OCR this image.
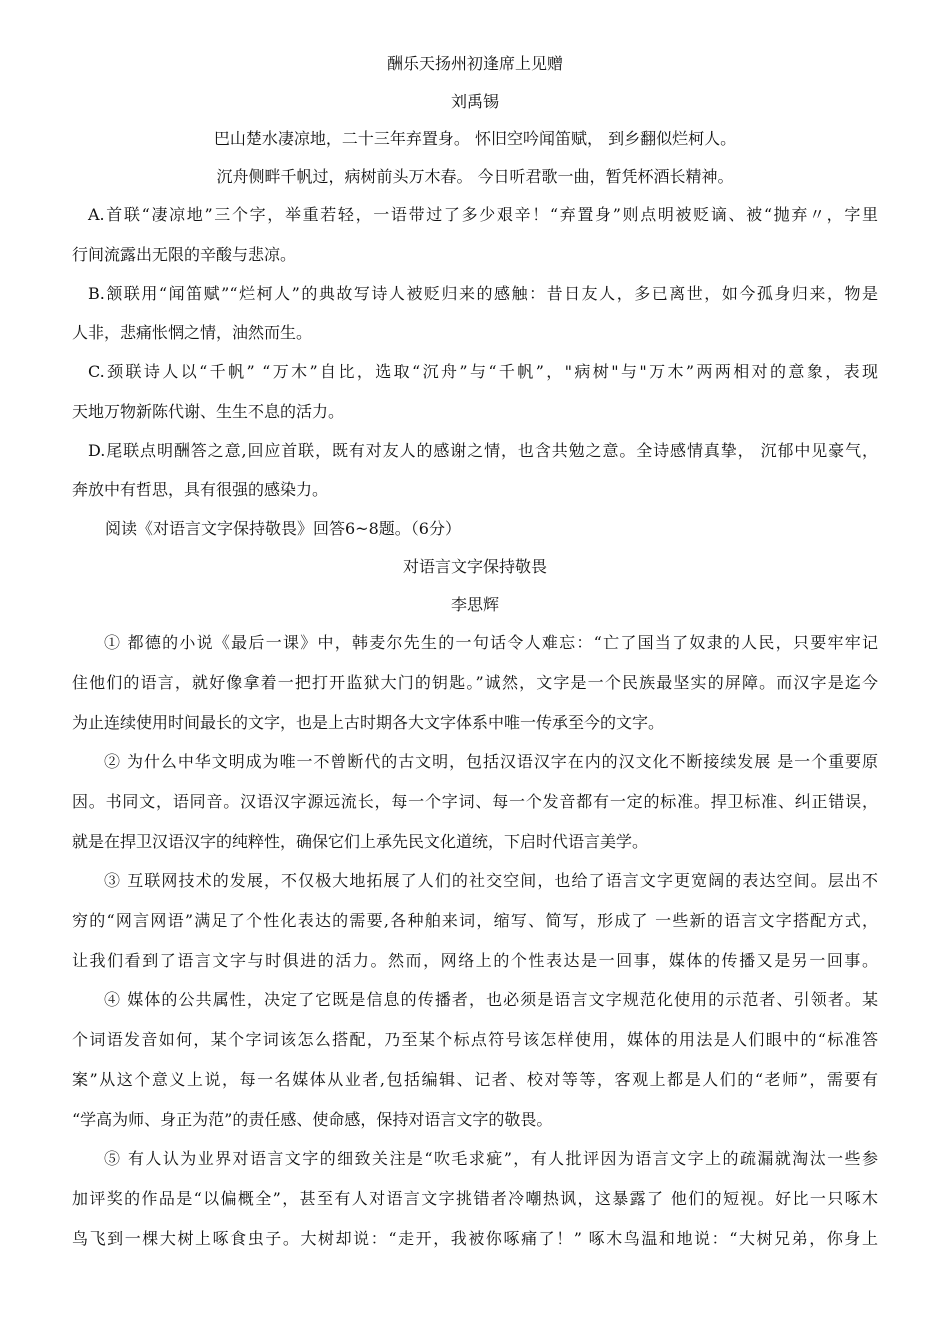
酬乐天扬州初逢席上见赠
刘禹锡
巴山楚水凄凉地，二十三年弃置身。 怀旧空吟闻笛赋， 到乡翻似烂柯人。
沉舟侧畔千帆过，病树前头万木春。 今日听君歌一曲，暂凭杯酒长精神。
A.首联“凄凉地”三个字，举重若轻，一语带过了多少艰辛！“弃置身”则点明被贬谪、被“抛弃〃，字里
行间流露出无限的辛酸与悲凉。
B.颔联用“闻笛赋”“烂柯人”的典故写诗人被贬归来的感触：昔日友人，多已离世，如今孤身归来，物是
人非，悲痛怅惘之情，油然而生。
C.颈联诗人以“千帆” “万木”自比，选取“沉舟”与“千帆”，"病树"与"万木”两两相对的意象，表现
天地万物新陈代谢、生生不息的活力。
D.尾联点明酬答之意,回应首联，既有对友人的感谢之情，也含共勉之意。全诗感情真挚， 沉郁中见豪气，
奔放中有哲思，具有很强的感染力。
阅读《对语言文字保持敬畏》回答6~8题。（6分）
对语言文字保持敬畏
李思辉
① 都德的小说《最后一课》中，韩麦尔先生的一句话令人难忘：“亡了国当了奴隶的人民，只要牢牢记
住他们的语言，就好像拿着一把打开监狱大门的钥匙。”诚然，文字是一个民族最坚实的屏障。而汉字是迄今
为止连续使用时间最长的文字，也是上古时期各大文字体系中唯一传承至今的文字。
② 为什么中华文明成为唯一不曾断代的古文明，包括汉语汉字在内的汉文化不断接续发展 是一个重要原
因。书同文，语同音。汉语汉字源远流长，每一个字词、每一个发音都有一定的标准。捍卫标准、纠正错误，
就是在捍卫汉语汉字的纯粹性，确保它们上承先民文化道统，下启时代语言美学。
③ 互联网技术的发展，不仅极大地拓展了人们的社交空间，也给了语言文字更宽阔的表达空间。层出不
穷的“网言网语”满足了个性化表达的需要,各种舶来词，缩写、简写，形成了 一些新的语言文字搭配方式，
让我们看到了语言文字与时俱进的活力。然而，网络上的个性表达是一回事，媒体的传播又是另一回事。
④ 媒体的公共属性，决定了它既是信息的传播者，也必须是语言文字规范化使用的示范者、引领者。某
个词语发音如何，某个字词该怎么搭配，乃至某个标点符号该怎样使用，媒体的用法是人们眼中的“标准答
案”从这个意义上说，每一名媒体从业者,包括编辑、记者、校对等等，客观上都是人们的“老师”，需要有
“学高为师、身正为范”的责任感、使命感，保持对语言文字的敬畏。
⑤ 有人认为业界对语言文字的细致关注是“吹毛求疵”，有人批评因为语言文字上的疏漏就淘汰一些参
加评奖的作品是“以偏概全”，甚至有人对语言文字挑错者冷嘲热讽，这暴露了 他们的短视。好比一只啄木
鸟飞到一棵大树上啄食虫子。大树却说：“走开，我被你啄痛了！” 啄木鸟温和地说：“大树兄弟，你身上
